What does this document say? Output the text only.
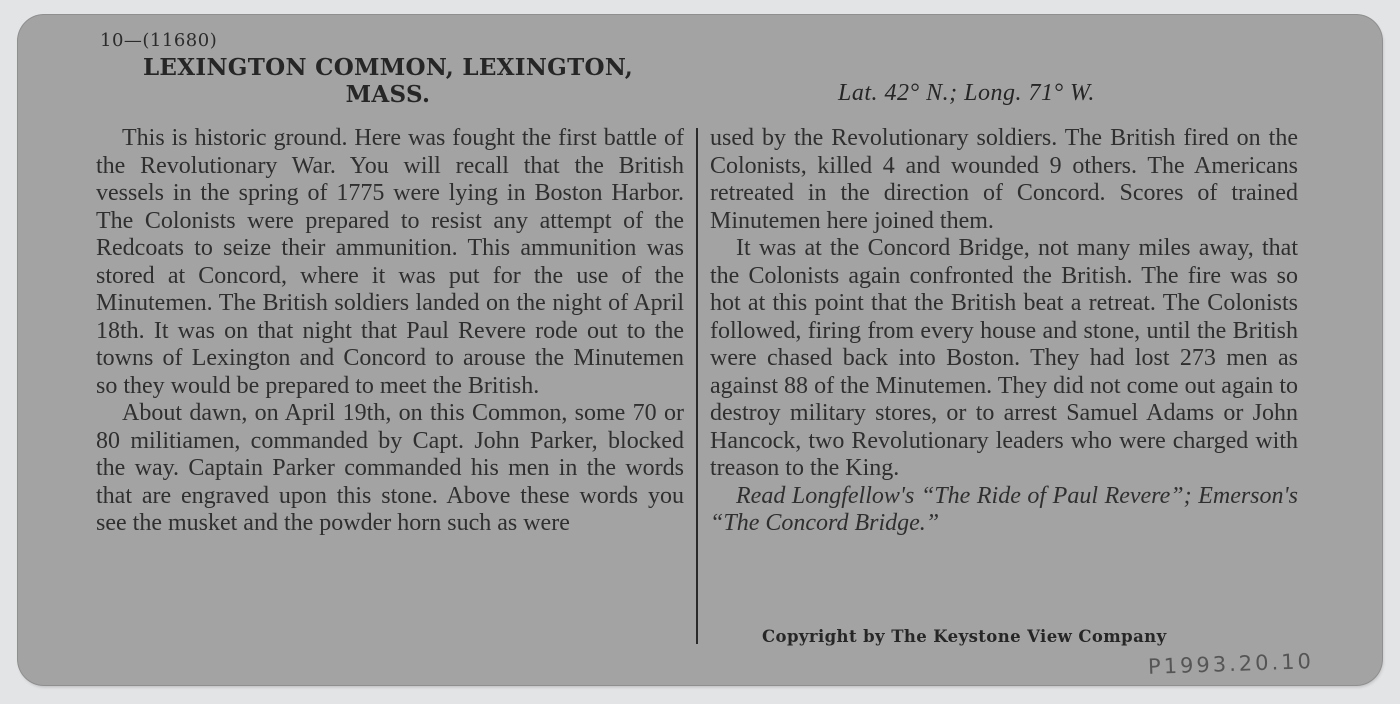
10—(11680)
LEXINGTON COMMON, LEXINGTON,
MASS.	Lat. 42° N.; Long. 71° W.

This is historic ground. Here was fought the first battle of the Revolutionary War. You will recall that the British vessels in the spring of 1775 were lying in Boston Harbor. The Colonists were prepared to resist any attempt of the Redcoats to seize their ammunition. This ammunition was stored at Concord, where it was put for the use of the Minutemen. The British soldiers landed on the night of April 18th. It was on that night that Paul Revere rode out to the towns of Lexington and Concord to arouse the Minutemen so they would be prepared to meet the British.

About dawn, on April 19th, on this Common, some 70 or 80 militiamen, commanded by Capt. John Parker, blocked the way. Captain Parker commanded his men in the words that are engraved upon this stone. Above these words you see the musket and the powder horn such as were

used by the Revolutionary soldiers. The British fired on the Colonists, killed 4 and wounded 9 others. The Americans retreated in the direction of Concord. Scores of trained Minutemen here joined them.

It was at the Concord Bridge, not many miles away, that the Colonists again confronted the British. The fire was so hot at this point that the British beat a retreat. The Colonists followed, firing from every house and stone, until the British were chased back into Boston. They had lost 273 men as against 88 of the Minutemen. They did not come out again to destroy military stores, or to arrest Samuel Adams or John Hancock, two Revolutionary leaders who were charged with treason to the King.

Read Longfellow's “The Ride of Paul Revere”; Emerson's “The Concord Bridge.”

Copyright by The Keystone View Company
P1993.20.10
